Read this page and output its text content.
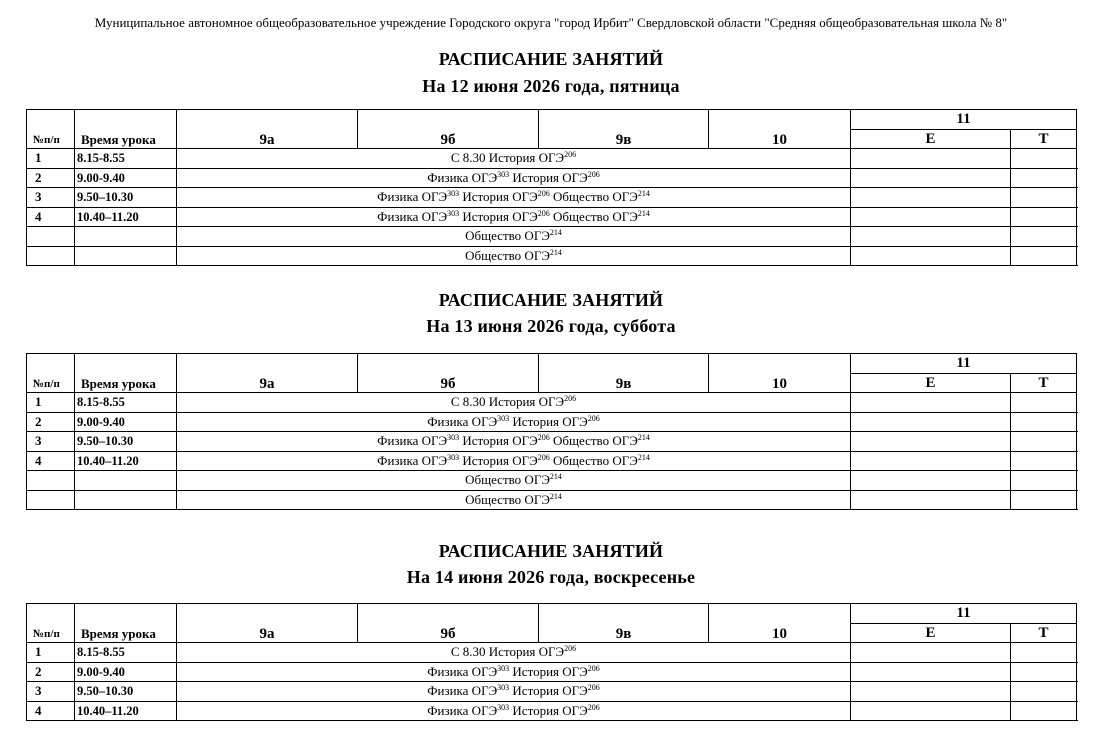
Муниципальное автономное общеобразовательное учреждение Городского округа "город Ирбит" Свердловской области "Средняя общеобразовательная школа № 8"
РАСПИСАНИЕ ЗАНЯТИЙ
На 12 июня 2026 года, пятница
№п/п	Время урока	9а	9б	9в	10	11	
						Е	Т
1	8.15-8.55	С 8.30 История ОГЭ$^{206}$		
2	9.00-9.40	Физика ОГЭ$^{303}$ История ОГЭ$^{206}$		
3	9.50–10.30	Физика ОГЭ$^{303}$ История ОГЭ$^{206}$ Общество ОГЭ$^{214}$		
4	10.40–11.20	Физика ОГЭ$^{303}$ История ОГЭ$^{206}$ Общество ОГЭ$^{214}$		
		Общество ОГЭ$^{214}$		
		Общество ОГЭ$^{214}$		
РАСПИСАНИЕ ЗАНЯТИЙ
На 13 июня 2026 года, суббота
№п/п	Время урока	9а	9б	9в	10	11	
						Е	Т
1	8.15-8.55	С 8.30 История ОГЭ$^{206}$		
2	9.00-9.40	Физика ОГЭ$^{303}$ История ОГЭ$^{206}$		
3	9.50–10.30	Физика ОГЭ$^{303}$ История ОГЭ$^{206}$ Общество ОГЭ$^{214}$		
4	10.40–11.20	Физика ОГЭ$^{303}$ История ОГЭ$^{206}$ Общество ОГЭ$^{214}$		
		Общество ОГЭ$^{214}$		
		Общество ОГЭ$^{214}$		
РАСПИСАНИЕ ЗАНЯТИЙ
На 14 июня 2026 года, воскресенье
№п/п	Время урока	9а	9б	9в	10	11	
						Е	Т
1	8.15-8.55	С 8.30 История ОГЭ$^{206}$		
2	9.00-9.40	Физика ОГЭ$^{303}$ История ОГЭ$^{206}$		
3	9.50–10.30	Физика ОГЭ$^{303}$ История ОГЭ$^{206}$		
4	10.40–11.20	Физика ОГЭ$^{303}$ История ОГЭ$^{206}$		
